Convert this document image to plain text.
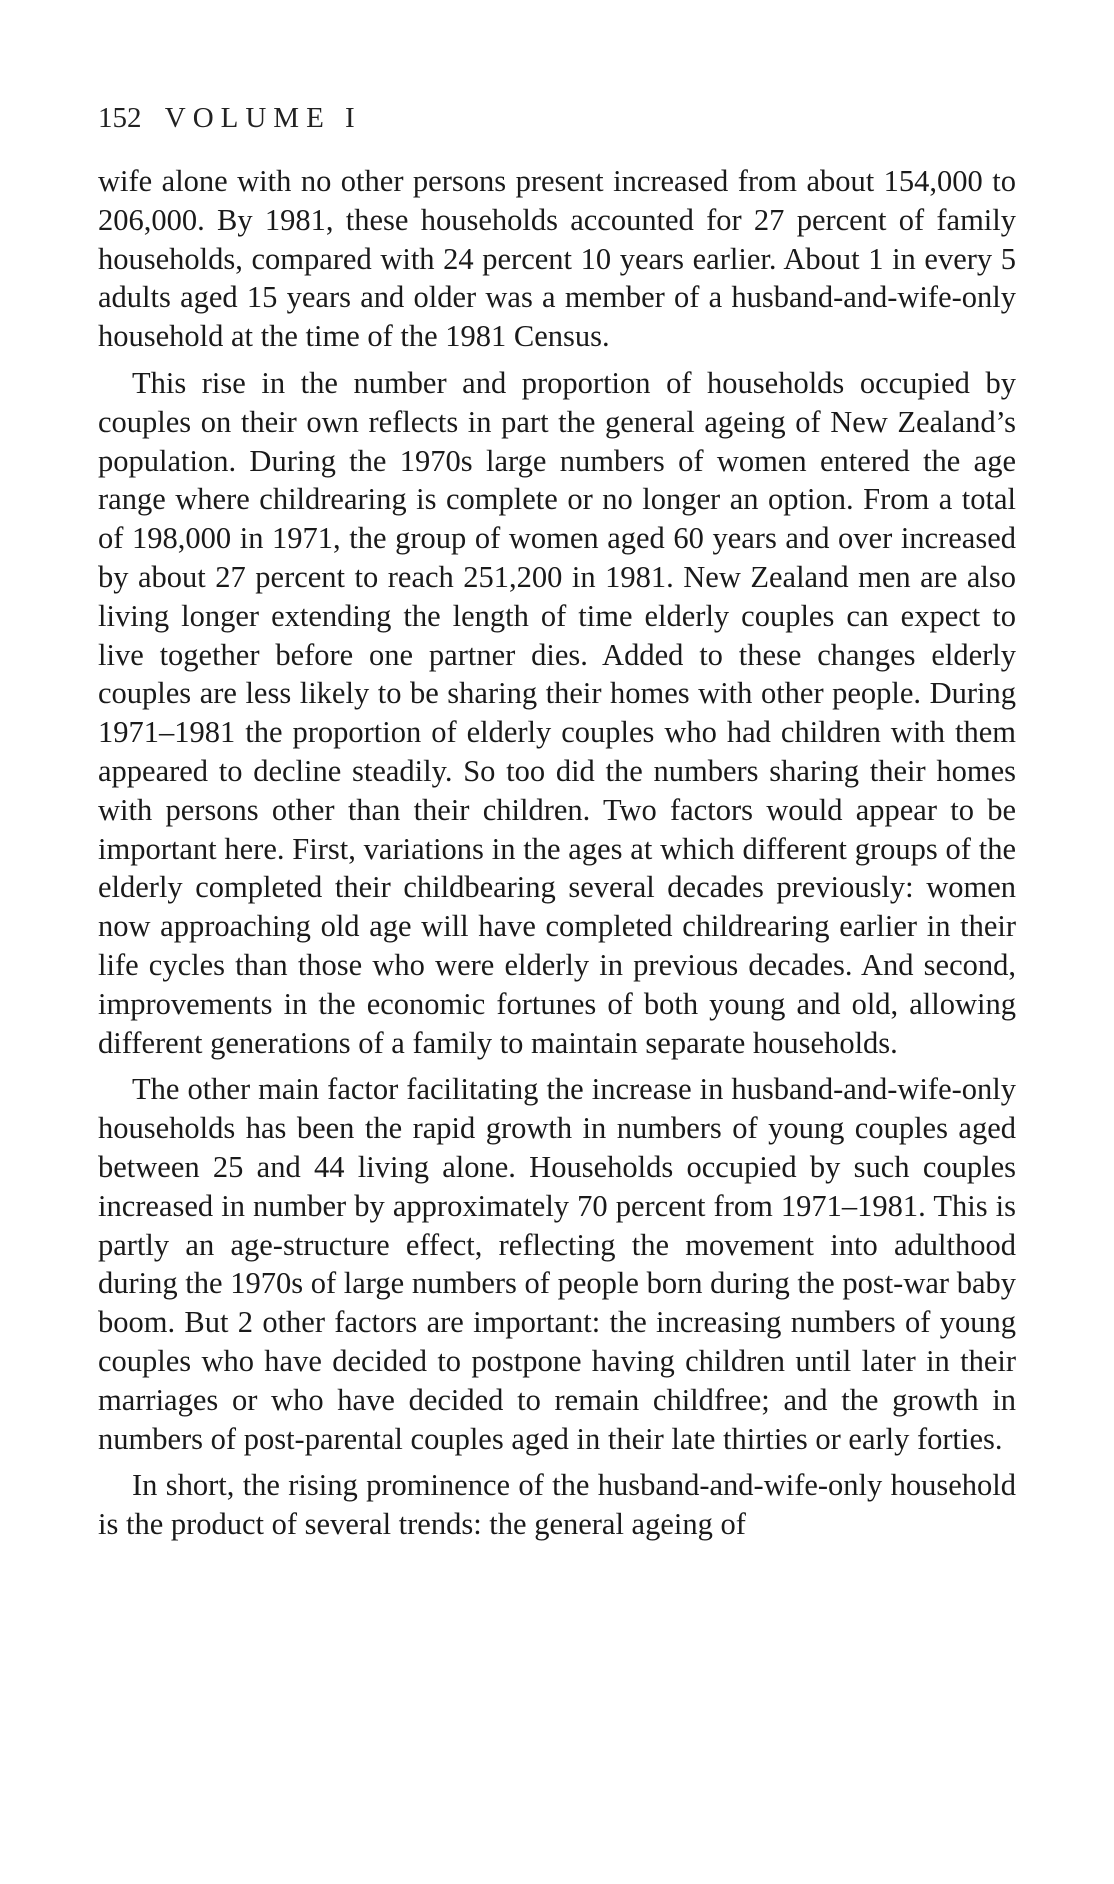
152 VOLUME I

wife alone with no other persons present increased from about 154,000 to 206,000. By 1981, these households accounted for 27 percent of family households, compared with 24 percent 10 years earlier. About 1 in every 5 adults aged 15 years and older was a member of a husband-and-wife-only household at the time of the 1981 Census.

This rise in the number and proportion of households occupied by couples on their own reflects in part the general ageing of New Zealand’s population. During the 1970s large numbers of women entered the age range where childrearing is complete or no longer an option. From a total of 198,000 in 1971, the group of women aged 60 years and over increased by about 27 percent to reach 251,200 in 1981. New Zealand men are also living longer extending the length of time elderly couples can expect to live together before one partner dies. Added to these changes elderly couples are less likely to be sharing their homes with other people. During 1971–1981 the proportion of elderly couples who had children with them appeared to decline steadily. So too did the numbers sharing their homes with persons other than their children. Two factors would appear to be important here. First, variations in the ages at which different groups of the elderly completed their childbearing several decades previously: women now approaching old age will have completed childrearing earlier in their life cycles than those who were elderly in previous decades. And second, improvements in the economic fortunes of both young and old, allowing different generations of a family to maintain separate households.

The other main factor facilitating the increase in husband-and-wife-only households has been the rapid growth in numbers of young couples aged between 25 and 44 living alone. Households occupied by such couples increased in number by approximately 70 percent from 1971–1981. This is partly an age-structure effect, reflecting the movement into adulthood during the 1970s of large numbers of people born during the post-war baby boom. But 2 other factors are important: the increasing numbers of young couples who have decided to postpone having children until later in their marriages or who have decided to remain childfree; and the growth in numbers of post-parental couples aged in their late thirties or early forties.

In short, the rising prominence of the husband-and-wife-only household is the product of several trends: the general ageing of
